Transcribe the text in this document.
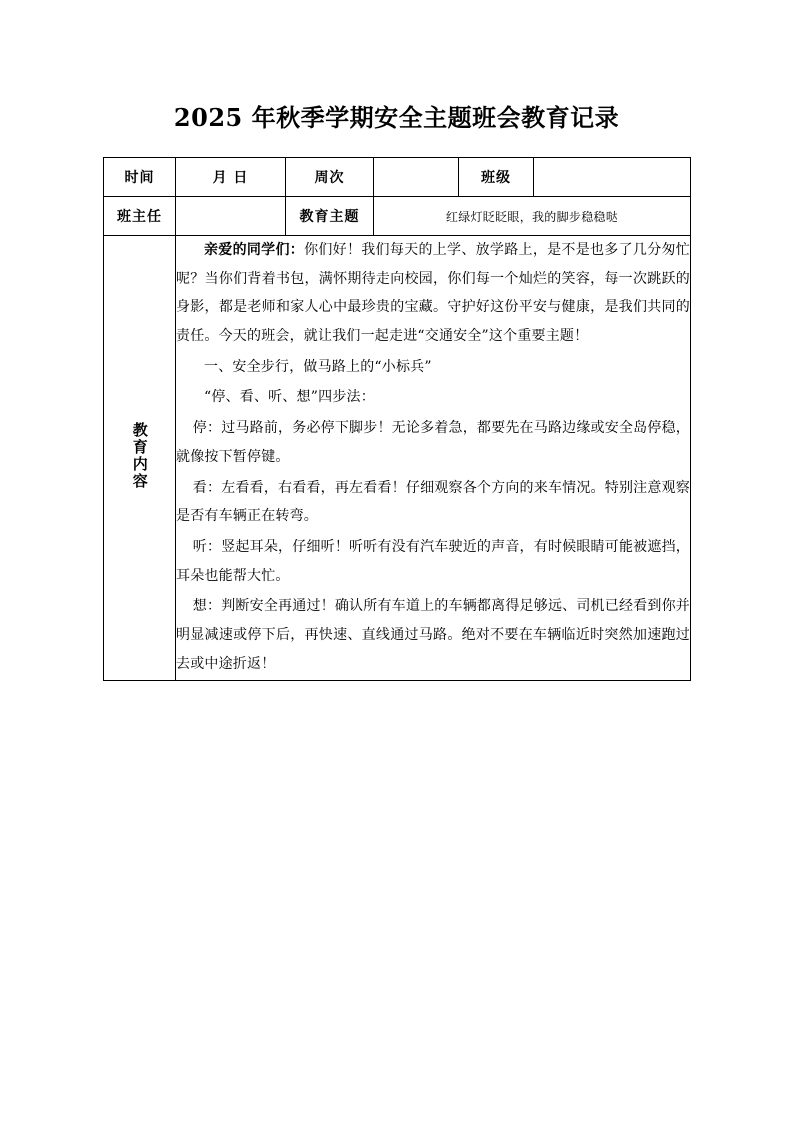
2025 年秋季学期安全主题班会教育记录
时间	月 日	周次		班级	
班主任		教育主题	红绿灯眨眨眼，我的脚步稳稳哒		
教育内容	

亲爱的同学们：你们好！我们每天的上学、放学路上，是不是也多了几分匆忙呢？当你们背着书包，满怀期待走向校园，你们每一个灿烂的笑容，每一次跳跃的身影，都是老师和家人心中最珍贵的宝藏。守护好这份平安与健康，是我们共同的责任。今天的班会，就让我们一起走进“交通安全”这个重要主题！

一、安全步行，做马路上的“小标兵”

“停、看、听、想”四步法：

停：过马路前，务必停下脚步！无论多着急，都要先在马路边缘或安全岛停稳，就像按下暂停键。

看：左看看，右看看，再左看看！仔细观察各个方向的来车情况。特别注意观察是否有车辆正在转弯。

听：竖起耳朵，仔细听！听听有没有汽车驶近的声音，有时候眼睛可能被遮挡，耳朵也能帮大忙。

想：判断安全再通过！确认所有车道上的车辆都离得足够远、司机已经看到你并明显减速或停下后，再快速、直线通过马路。绝对不要在车辆临近时突然加速跑过去或中途折返！
